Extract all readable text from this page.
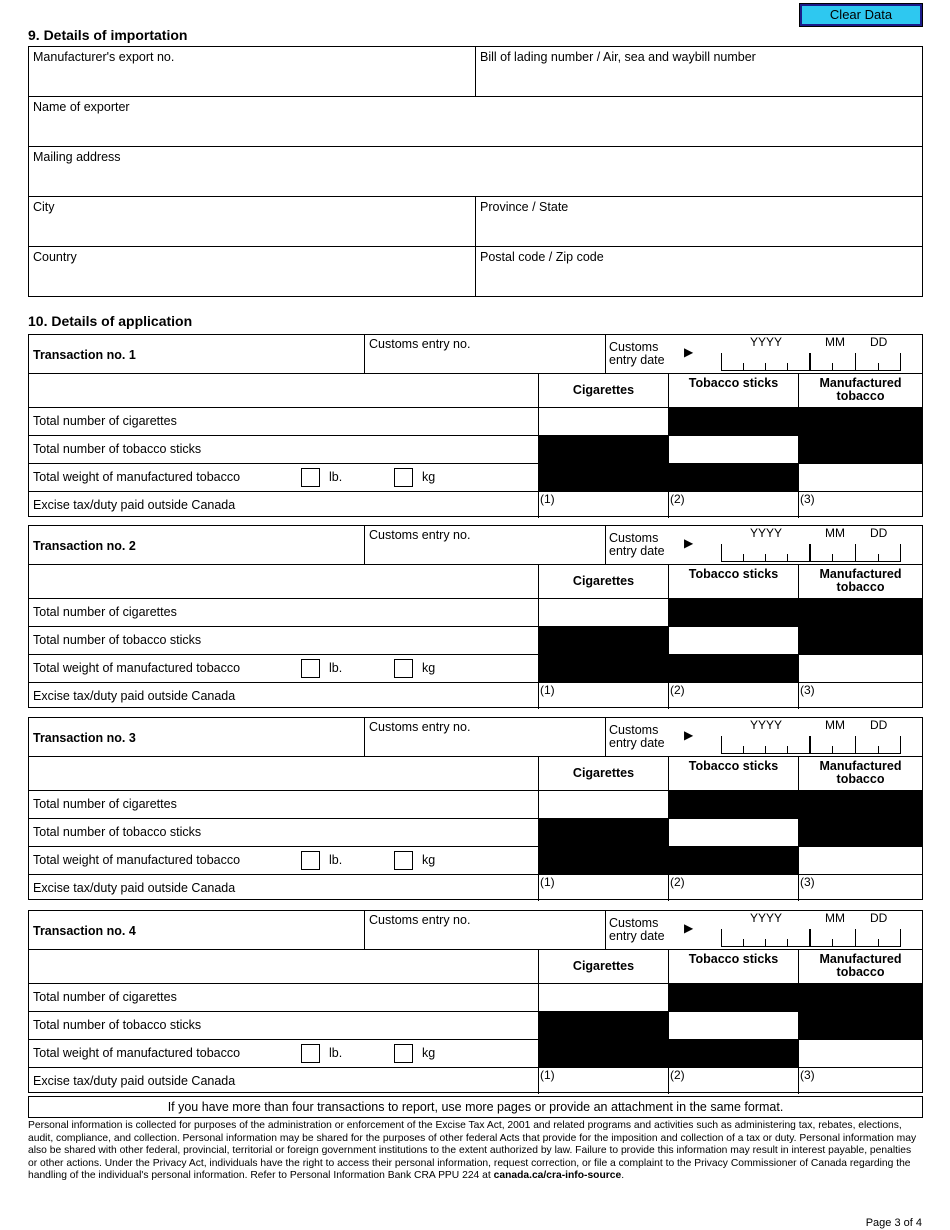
Clear Data
9. Details of importation
Manufacturer's export no.	Bill of lading number / Air, sea and waybill number
Name of exporter
Mailing address
City	Province / State
Country	Postal code / Zip code
10. Details of application
Transaction no. 1
Customs entry no.	Customs entry date
▶
YYYY	MM DD
Cigarettes	Tobacco sticks	Manufactured tobacco
Total number of cigarettes
Total number of tobacco sticks
Total weight of manufactured tobacco	lb.	kg
Excise tax/duty paid outside Canada	(1)	(2)	(3)
Transaction no. 2
Customs entry no.	Customs entry date
▶
YYYY	MM DD
Cigarettes	Tobacco sticks	Manufactured tobacco
Total number of cigarettes
Total number of tobacco sticks
Total weight of manufactured tobacco	lb.	kg
Excise tax/duty paid outside Canada	(1)	(2)	(3)
Transaction no. 3
Customs entry no.	Customs entry date
▶
YYYY	MM DD
Cigarettes	Tobacco sticks	Manufactured tobacco
Total number of cigarettes
Total number of tobacco sticks
Total weight of manufactured tobacco	lb.	kg
Excise tax/duty paid outside Canada	(1)	(2)	(3)
Transaction no. 4
Customs entry no.	Customs entry date
▶
YYYY	MM DD
Cigarettes	Tobacco sticks	Manufactured tobacco
Total number of cigarettes
Total number of tobacco sticks
Total weight of manufactured tobacco	lb.	kg
Excise tax/duty paid outside Canada	(1)	(2)	(3)
If you have more than four transactions to report, use more pages or provide an attachment in the same format.
Personal information is collected for purposes of the administration or enforcement of the Excise Tax Act, 2001 and related programs and activities such as administering tax, rebates, elections, audit, compliance, and collection. Personal information may be shared for the purposes of other federal Acts that provide for the imposition and collection of a tax or duty. Personal information may also be shared with other federal, provincial, territorial or foreign government institutions to the extent authorized by law. Failure to provide this information may result in interest payable, penalties or other actions. Under the Privacy Act, individuals have the right to access their personal information, request correction, or file a complaint to the Privacy Commissioner of Canada regarding the handling of the individual's personal information. Refer to Personal Information Bank CRA PPU 224 at canada.ca/cra-info-source.
Page 3 of 4
